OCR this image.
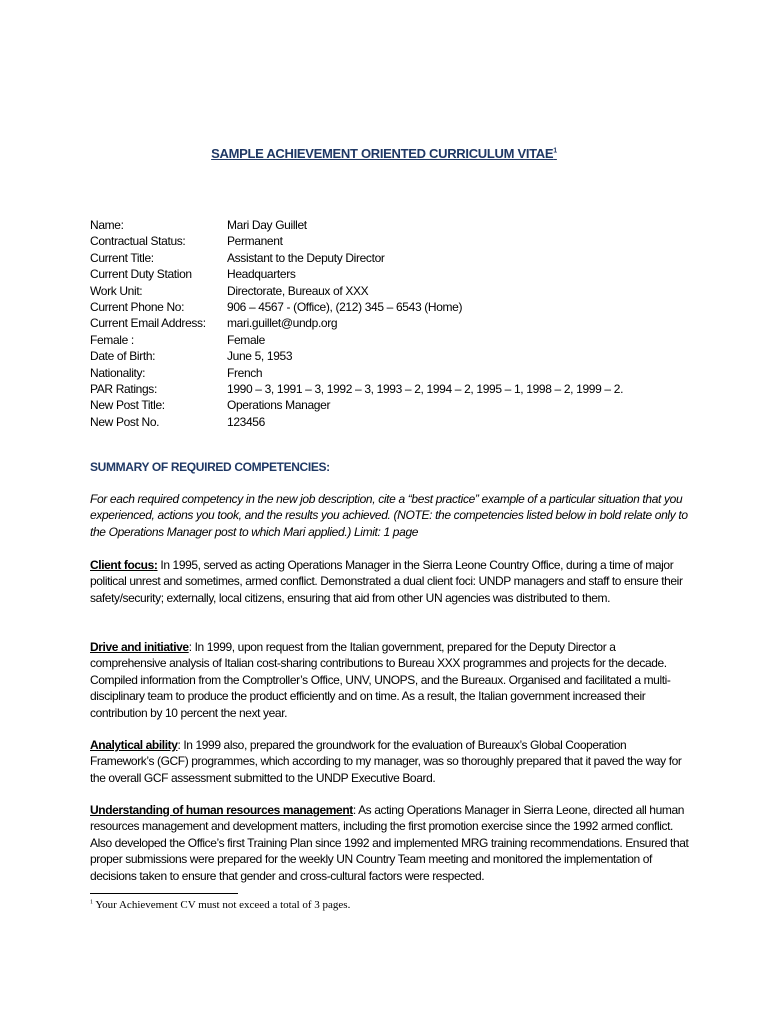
SAMPLE ACHIEVEMENT ORIENTED CURRICULUM VITAE$^1$
Name:	Mari Day Guillet
Contractual Status:	Permanent
Current Title:	Assistant to the Deputy Director
Current Duty Station	Headquarters
Work Unit:	Directorate, Bureaux of XXX
Current Phone No:	906 – 4567 - (Office), (212) 345 – 6543 (Home)
Current Email Address:	mari.guillet@undp.org
Female :	Female
Date of Birth:	June 5, 1953
Nationality:	French
PAR Ratings:	1990 – 3, 1991 – 3, 1992 – 3, 1993 – 2, 1994 – 2, 1995 – 1, 1998 – 2, 1999 – 2.
New Post Title:	Operations Manager
New Post No.	123456
SUMMARY OF REQUIRED COMPETENCIES:
For each required competency in the new job description, cite a “best practice” example of a particular situation that you experienced, actions you took, and the results you achieved. (NOTE: the competencies listed below in bold relate only to the Operations Manager post to which Mari applied.) Limit: 1 page
Client focus: In 1995, served as acting Operations Manager in the Sierra Leone Country Office, during a time of major political unrest and sometimes, armed conflict. Demonstrated a dual client foci: UNDP managers and staff to ensure their safety/security; externally, local citizens, ensuring that aid from other UN agencies was distributed to them.
Drive and initiative: In 1999, upon request from the Italian government, prepared for the Deputy Director a comprehensive analysis of Italian cost-sharing contributions to Bureau XXX programmes and projects for the decade. Compiled information from the Comptroller’s Office, UNV, UNOPS, and the Bureaux. Organised and facilitated a multi-disciplinary team to produce the product efficiently and on time. As a result, the Italian government increased their contribution by 10 percent the next year.
Analytical ability: In 1999 also, prepared the groundwork for the evaluation of Bureaux’s Global Cooperation Framework’s (GCF) programmes, which according to my manager, was so thoroughly prepared that it paved the way for the overall GCF assessment submitted to the UNDP Executive Board.
Understanding of human resources management: As acting Operations Manager in Sierra Leone, directed all human resources management and development matters, including the first promotion exercise since the 1992 armed conflict. Also developed the Office’s first Training Plan since 1992 and implemented MRG training recommendations. Ensured that proper submissions were prepared for the weekly UN Country Team meeting and monitored the implementation of decisions taken to ensure that gender and cross-cultural factors were respected.
$^1$ Your Achievement CV must not exceed a total of 3 pages.
